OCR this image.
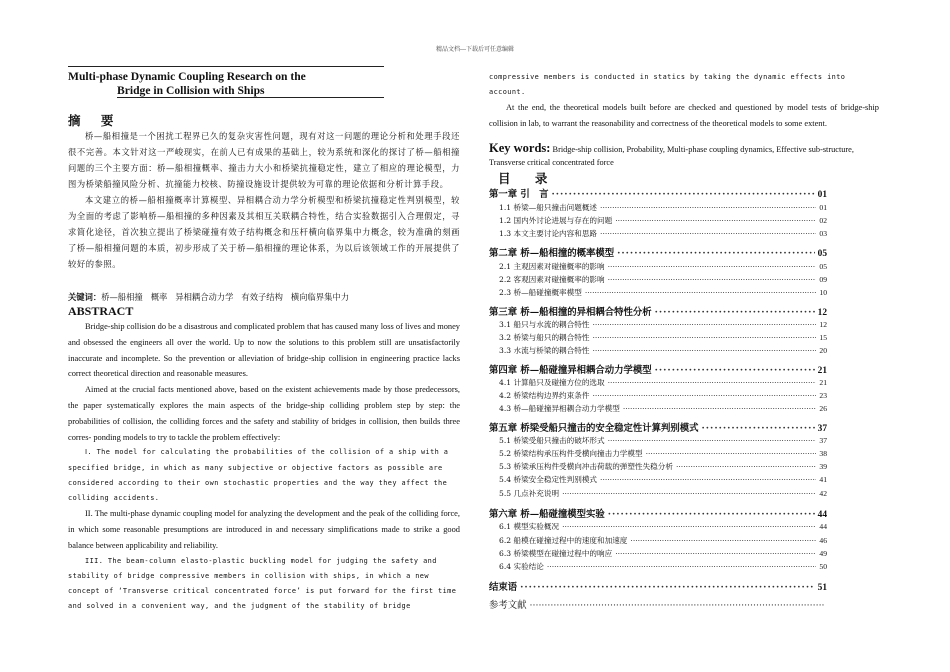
精品文档---下载后可任意编辑
Multi-phase Dynamic Coupling Research on the
Bridge in Collision with Ships
摘 要

桥—船相撞是一个困扰工程界已久的复杂灾害性问题，现有对这一问题的理论分析和处理手段还很不完善。本文针对这一严峻现实，在前人已有成果的基础上，较为系统和深化的探讨了桥—船相撞问题的三个主要方面：桥—船相撞概率、撞击力大小和桥梁抗撞稳定性，建立了相应的理论模型，力图为桥梁船撞风险分析、抗撞能力校核、防撞设施设计提供较为可靠的理论依据和分析计算手段。

本文建立的桥—船相撞概率计算模型、异相耦合动力学分析模型和桥梁抗撞稳定性判别模型，较为全面的考虑了影响桥—船相撞的多种因素及其相互关联耦合特性，结合实验数据引入合理假定，寻求简化途径，首次独立提出了桥梁碰撞有效子结构概念和压杆横向临界集中力概念，较为准确的刻画了桥—船相撞问题的本质，初步形成了关于桥—船相撞的理论体系，为以后该领域工作的开展提供了较好的参照。

关键词：桥—船相撞 概率 异相耦合动力学 有效子结构 横向临界集中力
ABSTRACT

Bridge-ship collision do be a disastrous and complicated problem that has caused many loss of lives and money and obsessed the engineers all over the world. Up to now the solutions to this problem still are unsatisfactorily inaccurate and incomplete. So the prevention or alleviation of bridge-ship collision in engineering practice lacks correct theoretical direction and reasonable measures.

Aimed at the crucial facts mentioned above, based on the existent achievements made by those predecessors, the paper systematically explores the main aspects of the bridge-ship colliding problem step by step: the probabilities of collision, the colliding forces and the safety and stability of bridges in collision, then builds three corres- ponding models to try to tackle the problem effectively:

Ⅰ. The model for calculating the probabilities of the collision of a ship with a specified bridge, in which as many subjective or objective factors as possible are considered according to their own stochastic properties and the way they affect the colliding accidents.

II. The multi-phase dynamic coupling model for analyzing the development and the peak of the colliding force, in which some reasonable presumptions are introduced in and necessary simplifications made to strike a good balance between applicability and reliability.

III. The beam-column elasto-plastic buckling model for judging the safety and stability of bridge compressive members in collision with ships, in which a new concept of ‘Transverse critical concentrated force’ is put forward for the first time and solved in a convenient way, and the judgment of the stability of bridge

compressive members is conducted in statics by taking the dynamic effects into account.

At the end, the theoretical models built before are checked and questioned by model tests of bridge-ship collision in lab, to warrant the reasonability and correctness of the theoretical models to some extent.

Key words: Bridge-ship collision, Probability, Multi-phase coupling dynamics, Effective sub-structure, Transverse critical concentrated force
目 录
第一章 引　言 ·····	01
1.1 桥梁—船只撞击问题概述 ·····	01
1.2 国内外讨论进展与存在的问题 ·····	02
1.3 本文主要讨论内容和思路 ·····	03
第二章 桥—船相撞的概率模型 ·····	05
2.1 主观因素对碰撞概率的影响 ·····	05
2.2 客观因素对碰撞概率的影响 ·····	09
2.3 桥—船碰撞概率模型 ·····	10
第三章 桥—船相撞的异相耦合特性分析 ·····	12
3.1 船只与水流的耦合特性 ·····	12
3.2 桥梁与船只的耦合特性 ·····	15
3.3 水流与桥梁的耦合特性 ·····	20
第四章 桥—船碰撞异相耦合动力学模型 ·····	21
4.1 计算船只及碰撞方位的选取 ·····	21
4.2 桥梁结构边界约束条件 ·····	23
4.3 桥—船碰撞异相耦合动力学模型 ·····	26
第五章 桥梁受船只撞击的安全稳定性计算判别模式 ·····	37
5.1 桥梁受船只撞击的破坏形式 ·····	37
5.2 桥梁结构承压构件受横向撞击力学模型 ·····	38
5.3 桥梁承压构件受横向冲击荷载的弹塑性失稳分析 ·····	39
5.4 桥梁安全稳定性判别模式 ·····	41
5.5 几点补充说明 ·····	42
第六章 桥—船碰撞模型实验 ·····	44
6.1 模型实验概况 ·····	44
6.2 船模在碰撞过程中的速度和加速度 ·····	46
6.3 桥梁模型在碰撞过程中的响应 ·····	49
6.4 实验结论 ·····	50
结束语 ·····	51
参考文献
·····
